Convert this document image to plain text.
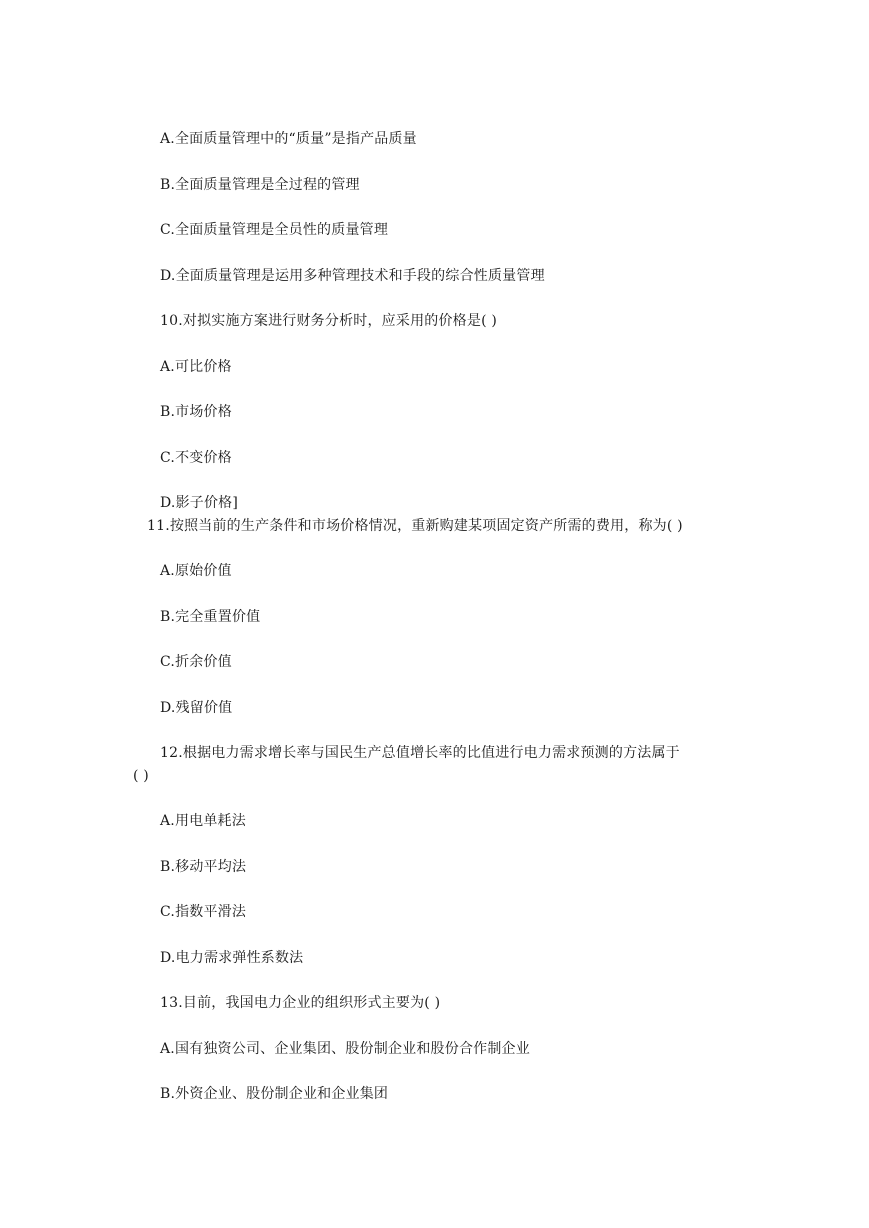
A.全面质量管理中的“质量”是指产品质量
B.全面质量管理是全过程的管理
C.全面质量管理是全员性的质量管理
D.全面质量管理是运用多种管理技术和手段的综合性质量管理
10.对拟实施方案进行财务分析时，应采用的价格是( )
A.可比价格
B.市场价格
C.不变价格
D.影子价格]
11.按照当前的生产条件和市场价格情况，重新购建某项固定资产所需的费用，称为( )
A.原始价值
B.完全重置价值
C.折余价值
D.残留价值
12.根据电力需求增长率与国民生产总值增长率的比值进行电力需求预测的方法属于
( )
A.用电单耗法
B.移动平均法
C.指数平滑法
D.电力需求弹性系数法
13.目前，我国电力企业的组织形式主要为( )
A.国有独资公司、企业集团、股份制企业和股份合作制企业
B.外资企业、股份制企业和企业集团
